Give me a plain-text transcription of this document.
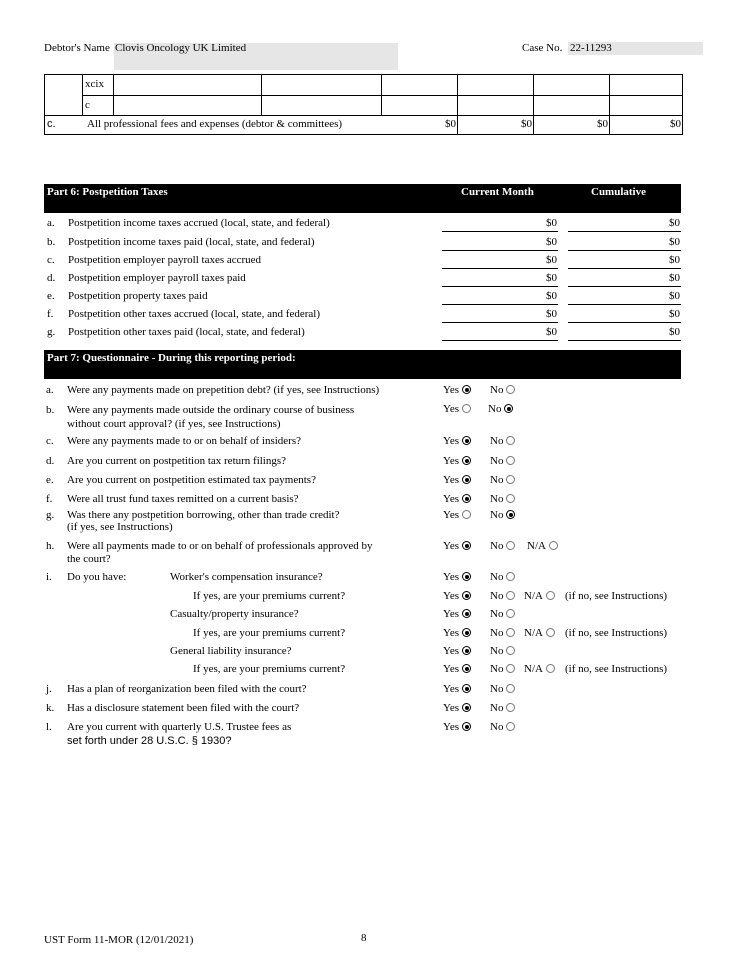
Debtor's Name Clovis Oncology UK Limited	Case No. 22-11293
xcix
c
c.	All professional fees and expenses (debtor & committees)	$0	$0	$0	$0
Part 6: Postpetition Taxes	Current Month	Cumulative
a. Postpetition income taxes accrued (local, state, and federal)	$0	$0
b. Postpetition income taxes paid (local, state, and federal)	$0	$0
c. Postpetition employer payroll taxes accrued	$0	$0
d. Postpetition employer payroll taxes paid	$0	$0
e. Postpetition property taxes paid	$0	$0
f. Postpetition other taxes accrued (local, state, and federal)	$0	$0
g. Postpetition other taxes paid (local, state, and federal)	$0	$0
Part 7: Questionnaire - During this reporting period:
a. Were any payments made on prepetition debt? (if yes, see Instructions)	Yes	No
b. Were any payments made outside the ordinary course of business
without court approval? (if yes, see Instructions)
Yes	No
c. Were any payments made to or on behalf of insiders?	Yes	No
d. Are you current on postpetition tax return filings?	Yes	No
e. Are you current on postpetition estimated tax payments?	Yes	No
f. Were all trust fund taxes remitted on a current basis?	Yes	No
g. Was there any postpetition borrowing, other than trade credit?
(if yes, see Instructions)
Yes	No
h. Were all payments made to or on behalf of professionals approved by
the court?
Yes	No	N/A
i. Do you have:	Worker's compensation insurance?	Yes	No
If yes, are your premiums current?	Yes	No	N/A	(if no, see Instructions)
Casualty/property insurance?	Yes	No
If yes, are your premiums current?	Yes	No	N/A	(if no, see Instructions)
General liability insurance?	Yes	No
If yes, are your premiums current?	Yes	No	N/A	(if no, see Instructions)
j. Has a plan of reorganization been filed with the court?	Yes	No
k. Has a disclosure statement been filed with the court?	Yes	No
l. Are you current with quarterly U.S. Trustee fees as
set forth under 28 U.S.C. § 1930?
Yes	No
UST Form 11-MOR (12/01/2021)	8
